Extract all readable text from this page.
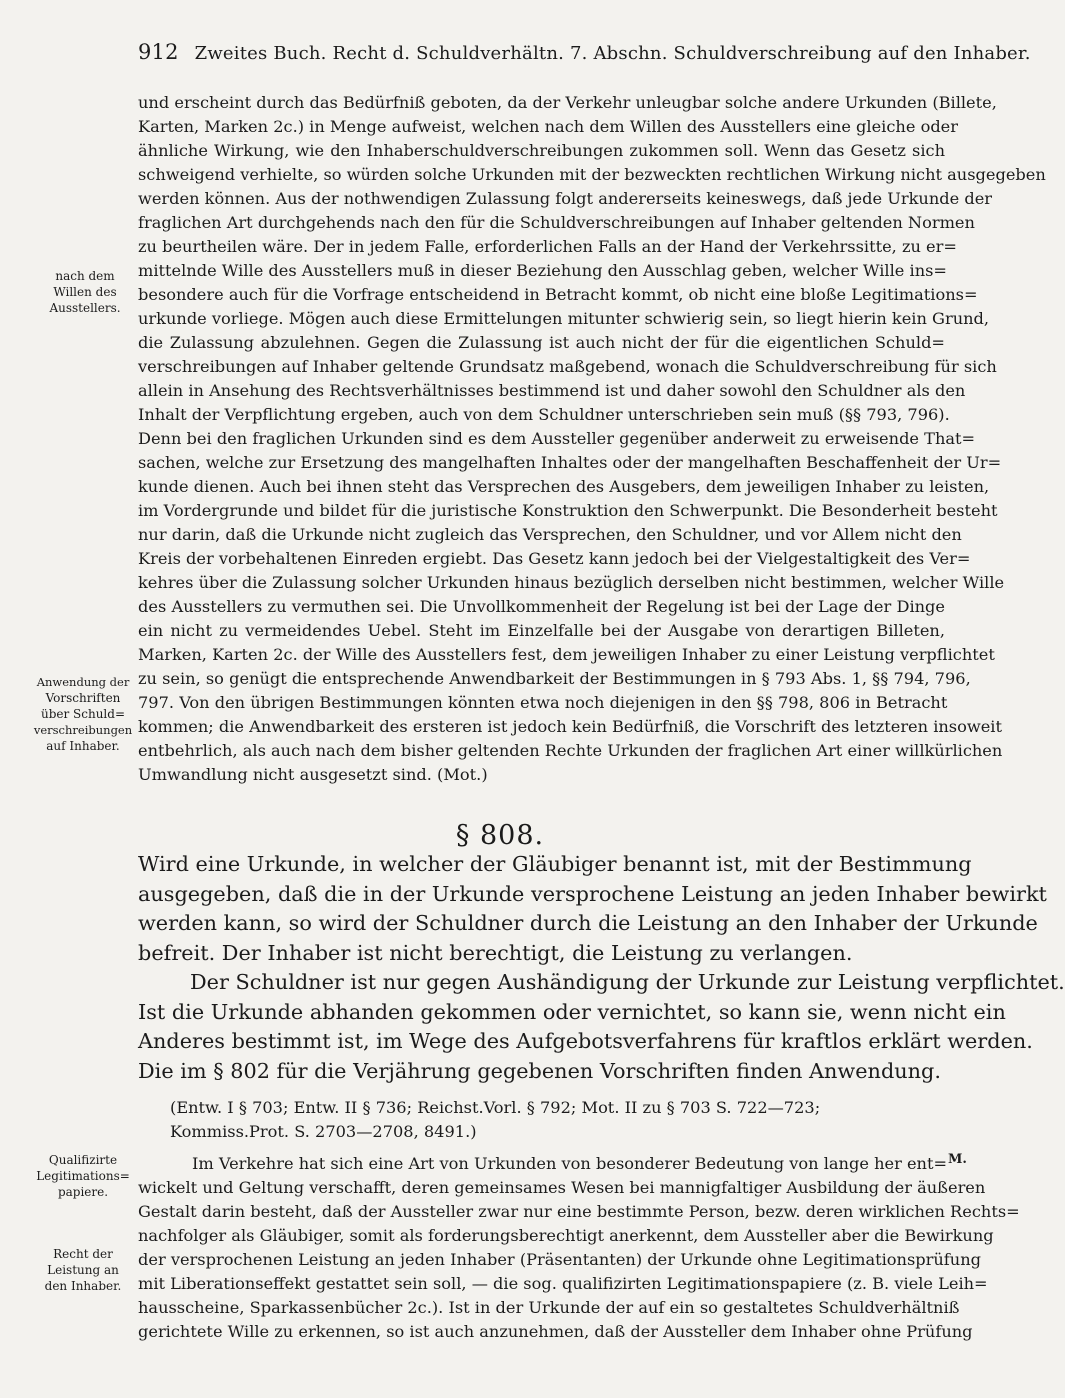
912 Zweites Buch. Recht d. Schuldverhältn. 7. Abschn. Schuldverschreibung auf den Inhaber.
und erscheint durch das Bedürfniß geboten, da der Verkehr unleugbar solche andere Urkunden (Billete,
Karten, Marken 2c.) in Menge aufweist, welchen nach dem Willen des Ausstellers eine gleiche oder
ähnliche Wirkung, wie den Inhaberschuldverschreibungen zukommen soll. Wenn das Gesetz sich
schweigend verhielte, so würden solche Urkunden mit der bezweckten rechtlichen Wirkung nicht ausgegeben
werden können. Aus der nothwendigen Zulassung folgt andererseits keineswegs, daß jede Urkunde der
fraglichen Art durchgehends nach den für die Schuldverschreibungen auf Inhaber geltenden Normen
zu beurtheilen wäre. Der in jedem Falle, erforderlichen Falls an der Hand der Verkehrssitte, zu er=
mittelnde Wille des Ausstellers muß in dieser Beziehung den Ausschlag geben, welcher Wille ins=
besondere auch für die Vorfrage entscheidend in Betracht kommt, ob nicht eine bloße Legitimations=
urkunde vorliege. Mögen auch diese Ermittelungen mitunter schwierig sein, so liegt hierin kein Grund,
die Zulassung abzulehnen. Gegen die Zulassung ist auch nicht der für die eigentlichen Schuld=
verschreibungen auf Inhaber geltende Grundsatz maßgebend, wonach die Schuldverschreibung für sich
allein in Ansehung des Rechtsverhältnisses bestimmend ist und daher sowohl den Schuldner als den
Inhalt der Verpflichtung ergeben, auch von dem Schuldner unterschrieben sein muß (§§ 793, 796).
Denn bei den fraglichen Urkunden sind es dem Aussteller gegenüber anderweit zu erweisende That=
sachen, welche zur Ersetzung des mangelhaften Inhaltes oder der mangelhaften Beschaffenheit der Ur=
kunde dienen. Auch bei ihnen steht das Versprechen des Ausgebers, dem jeweiligen Inhaber zu leisten,
im Vordergrunde und bildet für die juristische Konstruktion den Schwerpunkt. Die Besonderheit besteht
nur darin, daß die Urkunde nicht zugleich das Versprechen, den Schuldner, und vor Allem nicht den
Kreis der vorbehaltenen Einreden ergiebt. Das Gesetz kann jedoch bei der Vielgestaltigkeit des Ver=
kehres über die Zulassung solcher Urkunden hinaus bezüglich derselben nicht bestimmen, welcher Wille
des Ausstellers zu vermuthen sei. Die Unvollkommenheit der Regelung ist bei der Lage der Dinge
ein nicht zu vermeidendes Uebel. Steht im Einzelfalle bei der Ausgabe von derartigen Billeten,
Marken, Karten 2c. der Wille des Ausstellers fest, dem jeweiligen Inhaber zu einer Leistung verpflichtet
zu sein, so genügt die entsprechende Anwendbarkeit der Bestimmungen in § 793 Abs. 1, §§ 794, 796,
797. Von den übrigen Bestimmungen könnten etwa noch diejenigen in den §§ 798, 806 in Betracht
kommen; die Anwendbarkeit des ersteren ist jedoch kein Bedürfniß, die Vorschrift des letzteren insoweit
entbehrlich, als auch nach dem bisher geltenden Rechte Urkunden der fraglichen Art einer willkürlichen
Umwandlung nicht ausgesetzt sind. (Mot.)
§ 808.
Wird eine Urkunde, in welcher der Gläubiger benannt ist, mit der Bestimmung
ausgegeben, daß die in der Urkunde versprochene Leistung an jeden Inhaber bewirkt
werden kann, so wird der Schuldner durch die Leistung an den Inhaber der Urkunde
befreit. Der Inhaber ist nicht berechtigt, die Leistung zu verlangen.
Der Schuldner ist nur gegen Aushändigung der Urkunde zur Leistung verpflichtet.
Ist die Urkunde abhanden gekommen oder vernichtet, so kann sie, wenn nicht ein
Anderes bestimmt ist, im Wege des Aufgebotsverfahrens für kraftlos erklärt werden.
Die im § 802 für die Verjährung gegebenen Vorschriften finden Anwendung.
(Entw. I § 703; Entw. II § 736; Reichst.Vorl. § 792; Mot. II zu § 703 S. 722—723;
Kommiss.Prot. S. 2703—2708, 8491.)
Im Verkehre hat sich eine Art von Urkunden von besonderer Bedeutung von lange her ent=
wickelt und Geltung verschafft, deren gemeinsames Wesen bei mannigfaltiger Ausbildung der äußeren
Gestalt darin besteht, daß der Aussteller zwar nur eine bestimmte Person, bezw. deren wirklichen Rechts=
nachfolger als Gläubiger, somit als forderungsberechtigt anerkennt, dem Aussteller aber die Bewirkung
der versprochenen Leistung an jeden Inhaber (Präsentanten) der Urkunde ohne Legitimationsprüfung
mit Liberationseffekt gestattet sein soll, — die sog. qualifizirten Legitimationspapiere (z. B. viele Leih=
hausscheine, Sparkassenbücher 2c.). Ist in der Urkunde der auf ein so gestaltetes Schuldverhältniß
gerichtete Wille zu erkennen, so ist auch anzunehmen, daß der Aussteller dem Inhaber ohne Prüfung
nach dem
Willen des
Ausstellers.
Anwendung der
Vorschriften
über Schuld=
verschreibungen
auf Inhaber.
Qualifizirte
Legitimations=
papiere.
Recht der
Leistung an
den Inhaber.
M.
